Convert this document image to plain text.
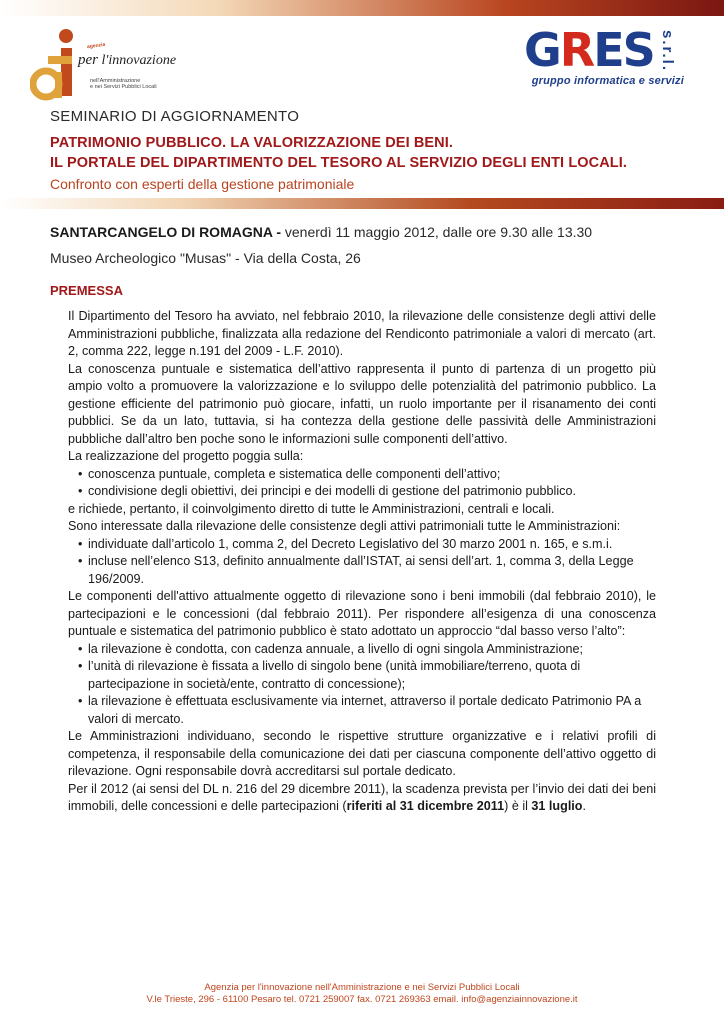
agenzia
per l'innovazione
nell'Amministrazione
e nei Servizi Pubblici Locali
GRES s.r.l.
gruppo informatica e servizi
SEMINARIO DI AGGIORNAMENTO
PATRIMONIO PUBBLICO. LA VALORIZZAZIONE DEI BENI.
IL PORTALE DEL DIPARTIMENTO DEL TESORO AL SERVIZIO DEGLI ENTI LOCALI.
Confronto con esperti della gestione patrimoniale
SANTARCANGELO DI ROMAGNA - venerdì 11 maggio 2012, dalle ore 9.30 alle 13.30
Museo Archeologico "Musas" - Via della Costa, 26
PREMESSA

Il Dipartimento del Tesoro ha avviato, nel febbraio 2010, la rilevazione delle consistenze degli attivi delle Amministrazioni pubbliche, finalizzata alla redazione del Rendiconto patrimoniale a valori di mercato (art. 2, comma 222, legge n.191 del 2009 - L.F. 2010).

La conoscenza puntuale e sistematica dell’attivo rappresenta il punto di partenza di un progetto più ampio volto a promuovere la valorizzazione e lo sviluppo delle potenzialità del patrimonio pubblico. La gestione efficiente del patrimonio può giocare, infatti, un ruolo importante per il risanamento dei conti pubblici. Se da un lato, tuttavia, si ha contezza della gestione delle passività delle Amministrazioni pubbliche dall’altro ben poche sono le informazioni sulle componenti dell’attivo.

La realizzazione del progetto poggia sulla:

• conoscenza puntuale, completa e sistematica delle componenti dell’attivo;
• condivisione degli obiettivi, dei principi e dei modelli di gestione del patrimonio pubblico.

e richiede, pertanto, il coinvolgimento diretto di tutte le Amministrazioni, centrali e locali.

Sono interessate dalla rilevazione delle consistenze degli attivi patrimoniali tutte le Amministrazioni:

• individuate dall’articolo 1, comma 2, del Decreto Legislativo del 30 marzo 2001 n. 165, e s.m.i.
• incluse nell’elenco S13, definito annualmente dall’ISTAT, ai sensi dell’art. 1, comma 3, della Legge 196/2009.

Le componenti dell'attivo attualmente oggetto di rilevazione sono i beni immobili (dal febbraio 2010), le partecipazioni e le concessioni (dal febbraio 2011). Per rispondere all’esigenza di una conoscenza puntuale e sistematica del patrimonio pubblico è stato adottato un approccio “dal basso verso l’alto”:

• la rilevazione è condotta, con cadenza annuale, a livello di ogni singola Amministrazione;
• l’unità di rilevazione è fissata a livello di singolo bene (unità immobiliare/terreno, quota di partecipazione in società/ente, contratto di concessione);
• la rilevazione è effettuata esclusivamente via internet, attraverso il portale dedicato Patrimonio PA a valori di mercato.

Le Amministrazioni individuano, secondo le rispettive strutture organizzative e i relativi profili di competenza, il responsabile della comunicazione dei dati per ciascuna componente dell’attivo oggetto di rilevazione. Ogni responsabile dovrà accreditarsi sul portale dedicato.

Per il 2012 (ai sensi del DL n. 216 del 29 dicembre 2011), la scadenza prevista per l’invio dei dati dei beni immobili, delle concessioni e delle partecipazioni (riferiti al 31 dicembre 2011) è il 31 luglio.

Agenzia per l'innovazione nell'Amministrazione e nei Servizi Pubblici Locali
V.le Trieste, 296 - 61100 Pesaro tel. 0721 259007 fax. 0721 269363 email. info@agenziainnovazione.it
